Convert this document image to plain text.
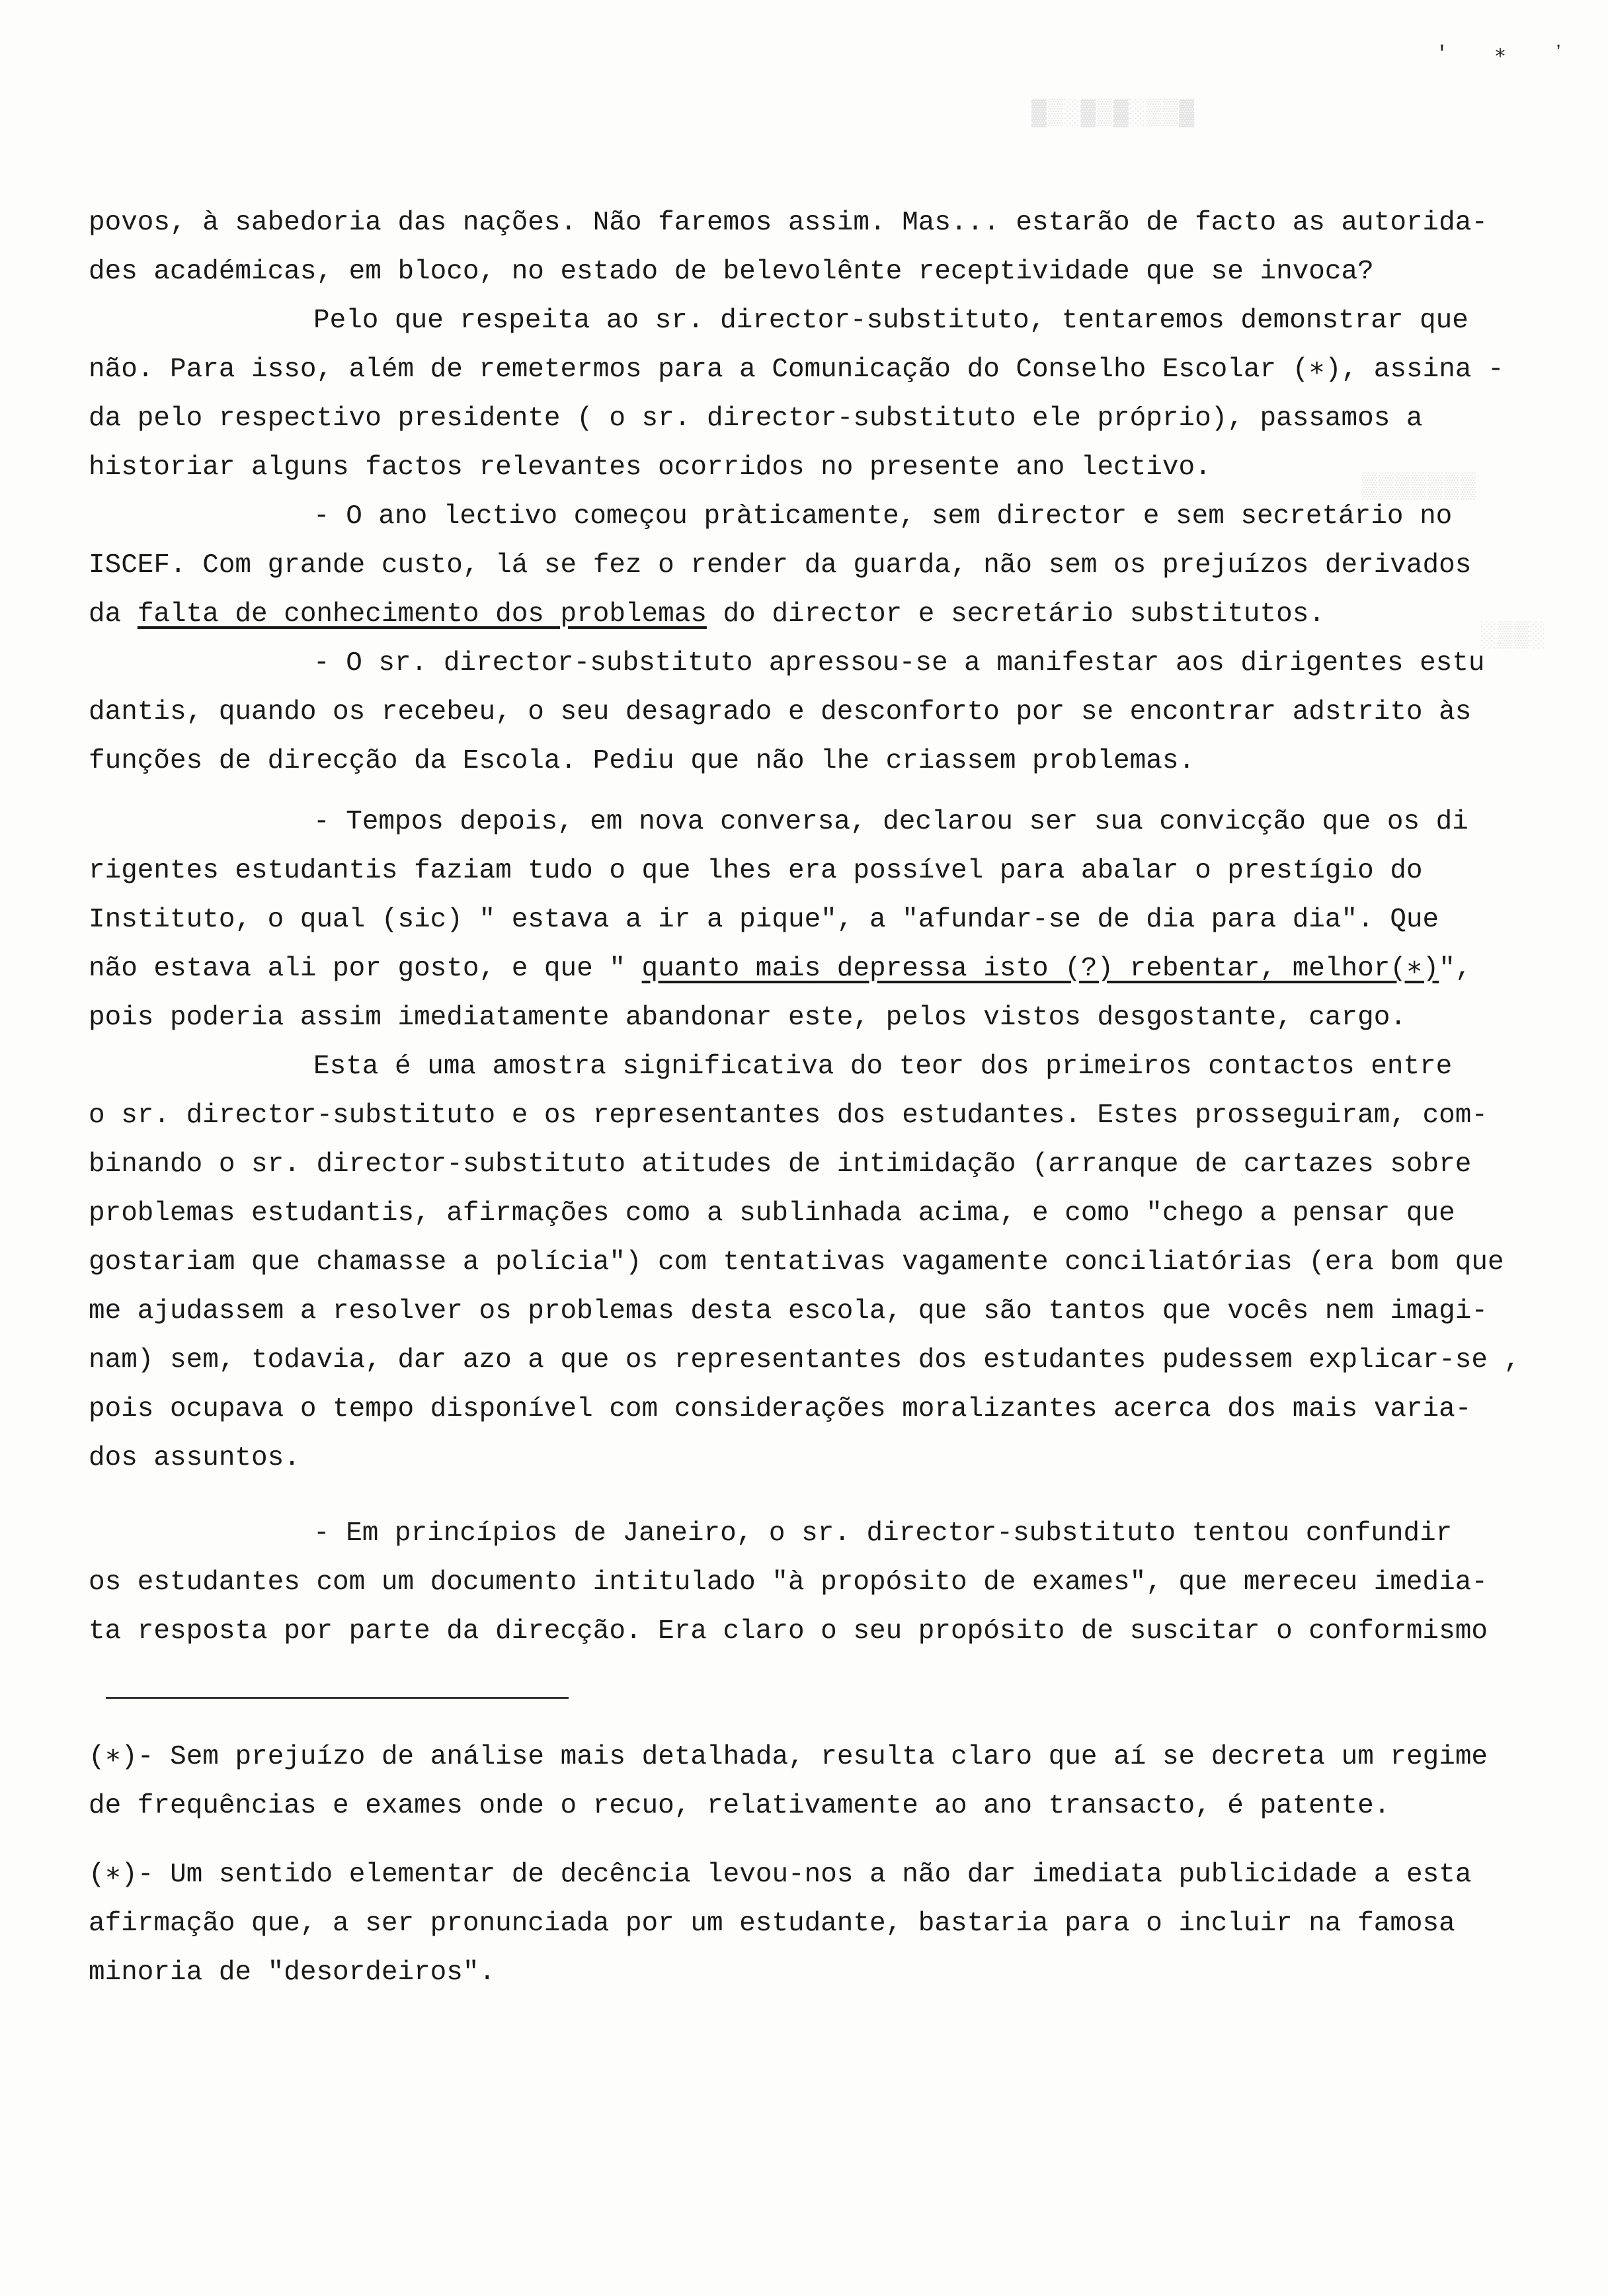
′ ∗ ʼ
▒▒▒▒▒▒▒
▓▒░▓▒▓░▒▒▓
░▒▒░
povos, à sabedoria das nações. Não faremos assim. Mas... estarão de facto as autorida-
des académicas, em bloco, no estado de belevolênte receptividade que se invoca?
Pelo que respeita ao sr. director-substituto, tentaremos demonstrar que
não. Para isso, além de remetermos para a Comunicação do Conselho Escolar (∗), assina -
da pelo respectivo presidente ( o sr. director-substituto ele próprio), passamos a
historiar alguns factos relevantes ocorridos no presente ano lectivo.
- O ano lectivo começou pràticamente, sem director e sem secretário no
ISCEF. Com grande custo, lá se fez o render da guarda, não sem os prejuízos derivados
da falta de conhecimento dos problemas do director e secretário substitutos.
- O sr. director-substituto apressou-se a manifestar aos dirigentes estu
dantis, quando os recebeu, o seu desagrado e desconforto por se encontrar adstrito às
funções de direcção da Escola. Pediu que não lhe criassem problemas.
- Tempos depois, em nova conversa, declarou ser sua convicção que os di
rigentes estudantis faziam tudo o que lhes era possível para abalar o prestígio do
Instituto, o qual (sic) " estava a ir a pique", a "afundar-se de dia para dia". Que
não estava ali por gosto, e que " quanto mais depressa isto (?) rebentar, melhor(∗)",
pois poderia assim imediatamente abandonar este, pelos vistos desgostante, cargo.
Esta é uma amostra significativa do teor dos primeiros contactos entre
o sr. director-substituto e os representantes dos estudantes. Estes prosseguiram, com-
binando o sr. director-substituto atitudes de intimidação (arranque de cartazes sobre
problemas estudantis, afirmações como a sublinhada acima, e como "chego a pensar que
gostariam que chamasse a polícia") com tentativas vagamente conciliatórias (era bom que
me ajudassem a resolver os problemas desta escola, que são tantos que vocês nem imagi-
nam) sem, todavia, dar azo a que os representantes dos estudantes pudessem explicar-se ,
pois ocupava o tempo disponível com considerações moralizantes acerca dos mais varia-
dos assuntos.
- Em princípios de Janeiro, o sr. director-substituto tentou confundir
os estudantes com um documento intitulado "à propósito de exames", que mereceu imedia-
ta resposta por parte da direcção. Era claro o seu propósito de suscitar o conformismo
(∗)- Sem prejuízo de análise mais detalhada, resulta claro que aí se decreta um regime
de frequências e exames onde o recuo, relativamente ao ano transacto, é patente.
(∗)- Um sentido elementar de decência levou-nos a não dar imediata publicidade a esta
afirmação que, a ser pronunciada por um estudante, bastaria para o incluir na famosa
minoria de "desordeiros".
